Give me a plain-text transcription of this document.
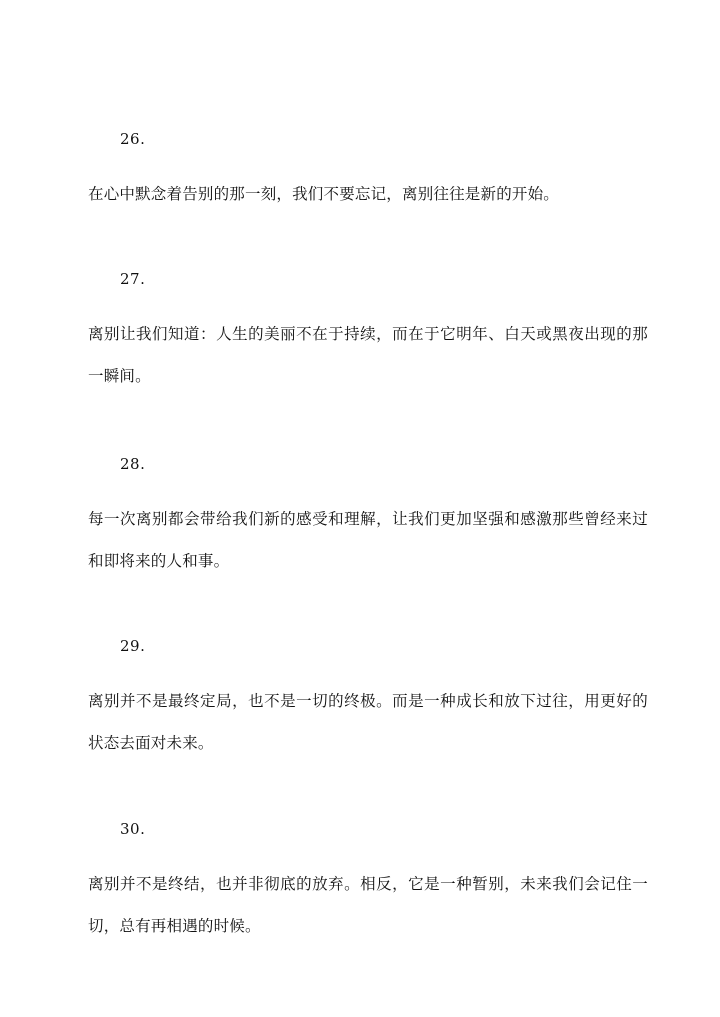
26.
在心中默念着告别的那一刻，我们不要忘记，离别往往是新的开始。
27.
离别让我们知道：人生的美丽不在于持续，而在于它明年、白天或黑夜出现的那一瞬间。
28.
每一次离别都会带给我们新的感受和理解，让我们更加坚强和感激那些曾经来过和即将来的人和事。
29.
离别并不是最终定局，也不是一切的终极。而是一种成长和放下过往，用更好的状态去面对未来。
30.
离别并不是终结，也并非彻底的放弃。相反，它是一种暂别，未来我们会记住一切，总有再相遇的时候。
